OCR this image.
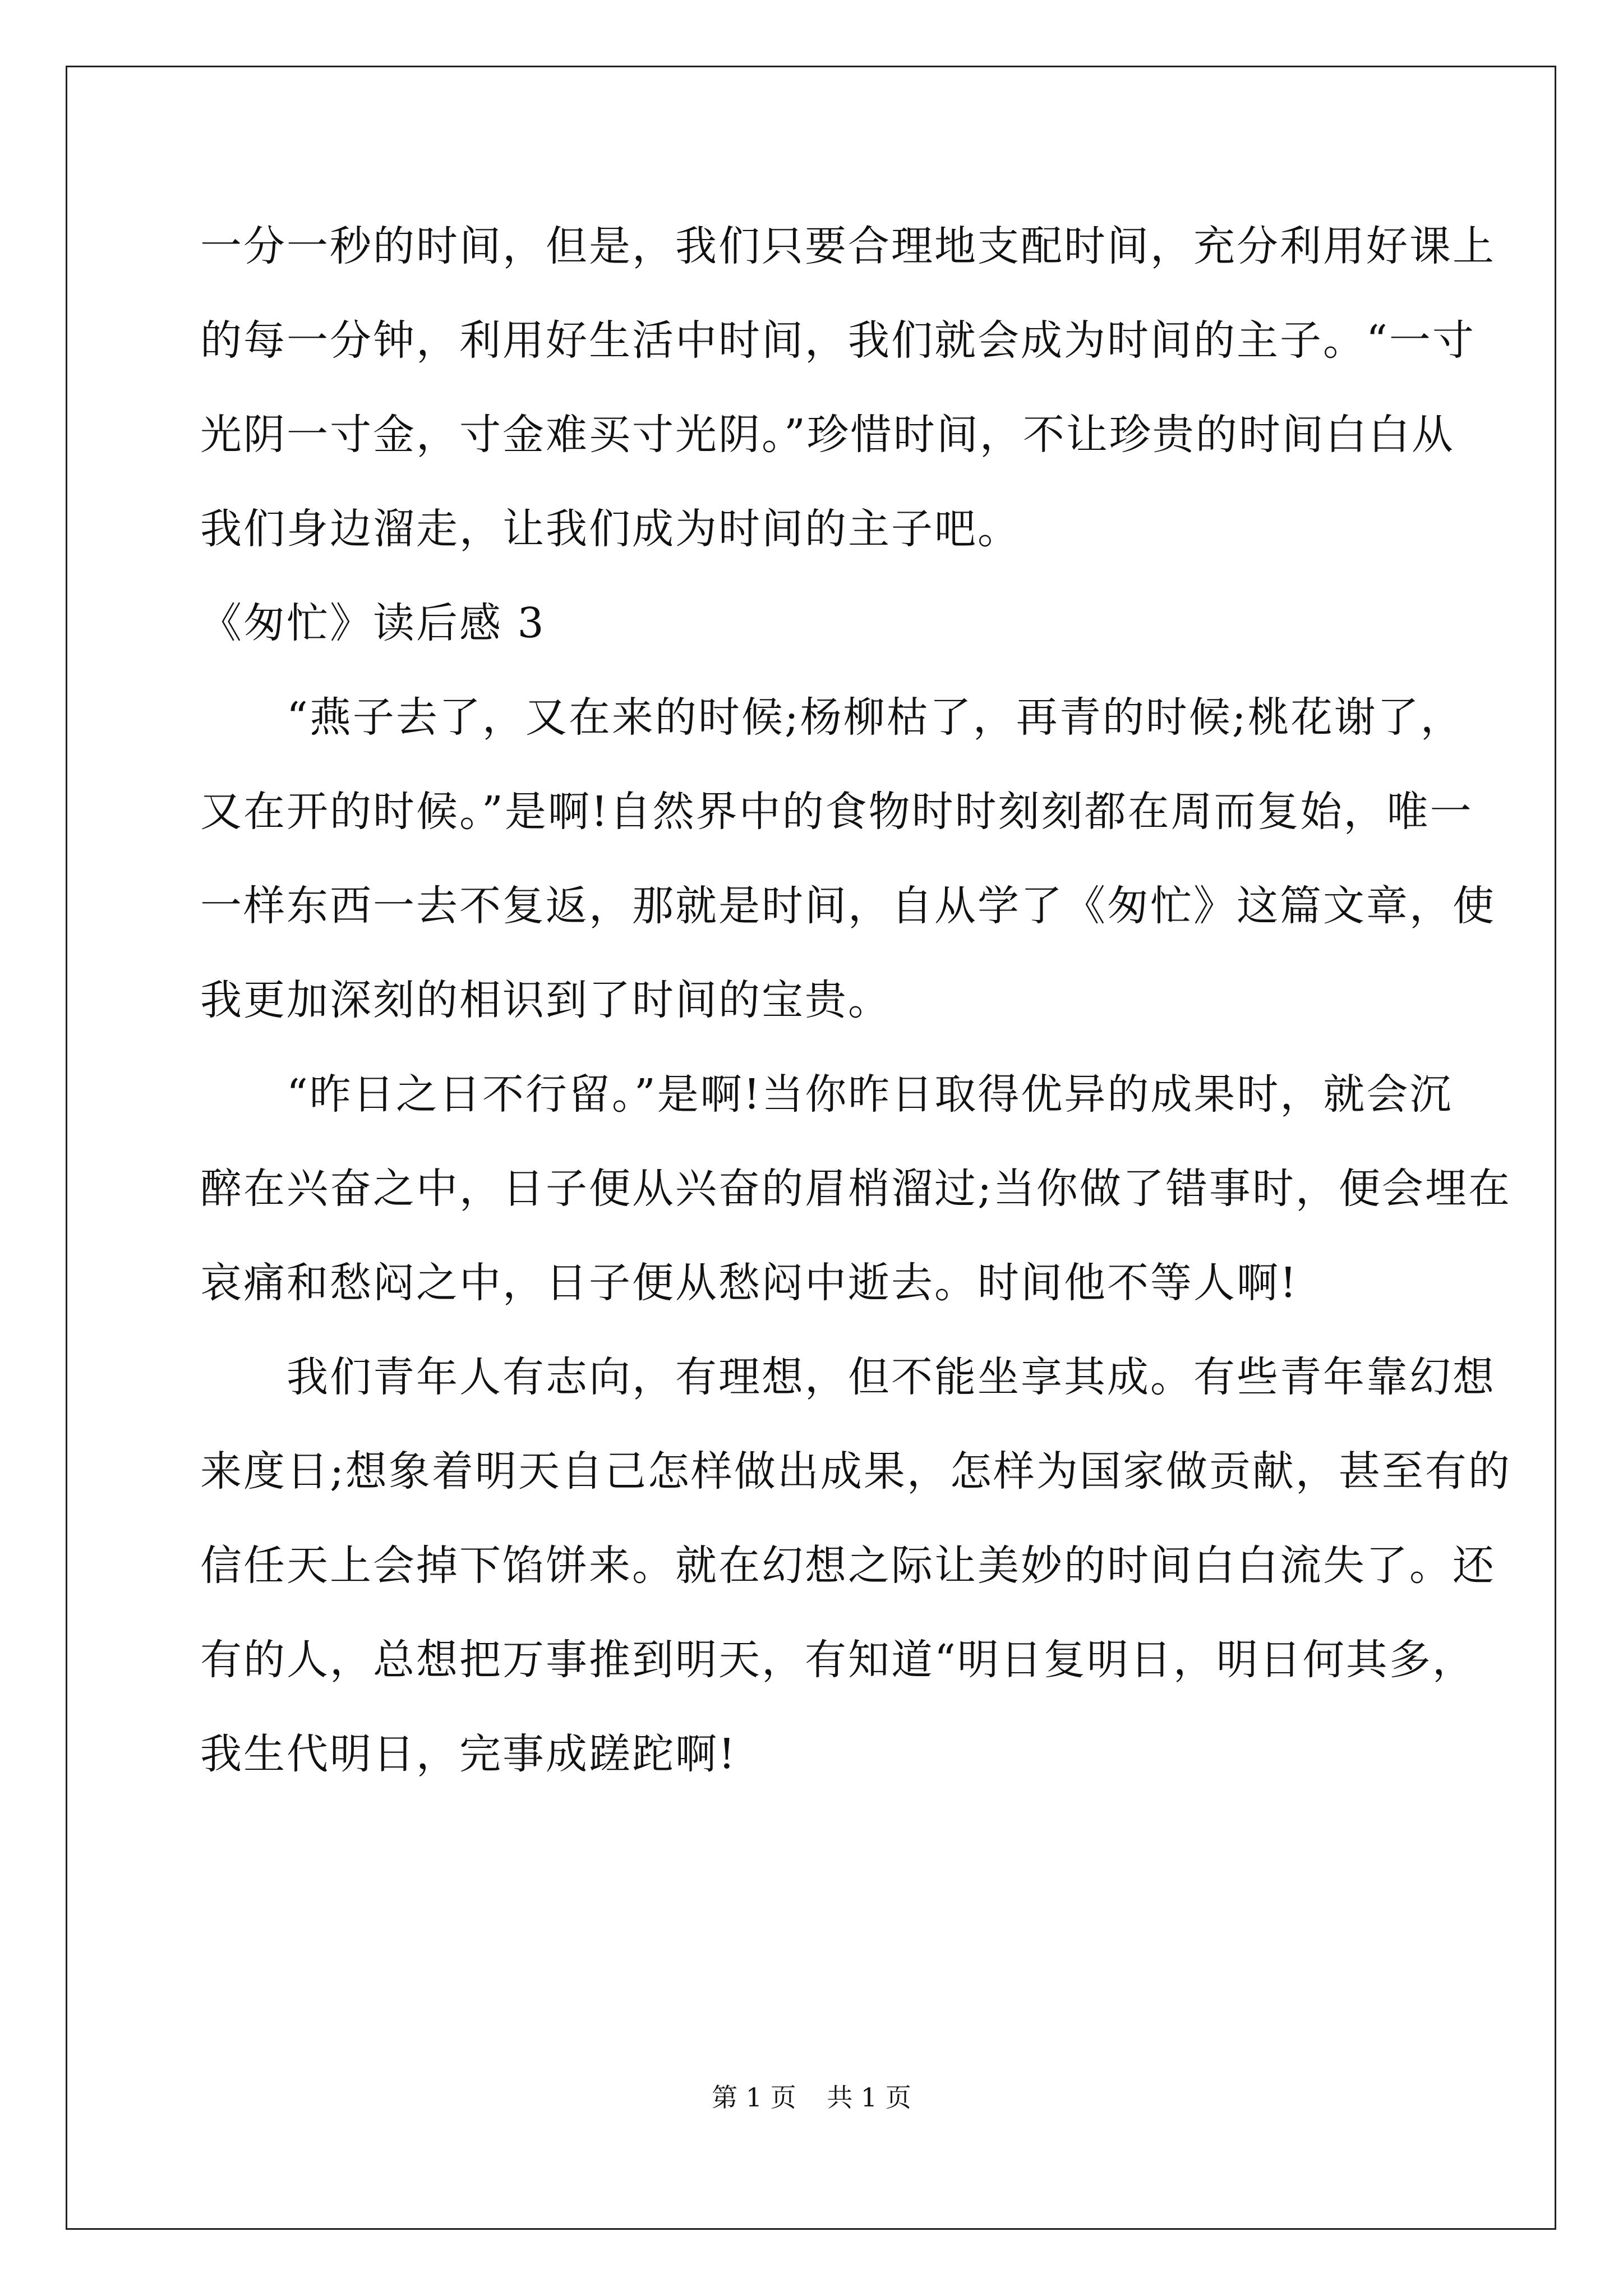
一分一秒的时间，但是，我们只要合理地支配时间，充分利用好课上
的每一分钟，利用好生活中时间，我们就会成为时间的主子。“一寸
光阴一寸金，寸金难买寸光阴。”珍惜时间，不让珍贵的时间白白从
我们身边溜走，让我们成为时间的主子吧。
《匆忙》读后感 3
　　“燕子去了，又在来的时候;杨柳枯了，再青的时候;桃花谢了，
又在开的时候。”是啊!自然界中的食物时时刻刻都在周而复始，唯一
一样东西一去不复返，那就是时间，自从学了《匆忙》这篇文章，使
我更加深刻的相识到了时间的宝贵。
　　“昨日之日不行留。”是啊!当你昨日取得优异的成果时，就会沉
醉在兴奋之中，日子便从兴奋的眉梢溜过;当你做了错事时，便会埋在
哀痛和愁闷之中，日子便从愁闷中逝去。时间他不等人啊!
　　我们青年人有志向，有理想，但不能坐享其成。有些青年靠幻想
来度日;想象着明天自己怎样做出成果，怎样为国家做贡献，甚至有的
信任天上会掉下馅饼来。就在幻想之际让美妙的时间白白流失了。还
有的人，总想把万事推到明天，有知道“明日复明日，明日何其多，
我生代明日，完事成蹉跎啊!
第 1 页 共 1 页
